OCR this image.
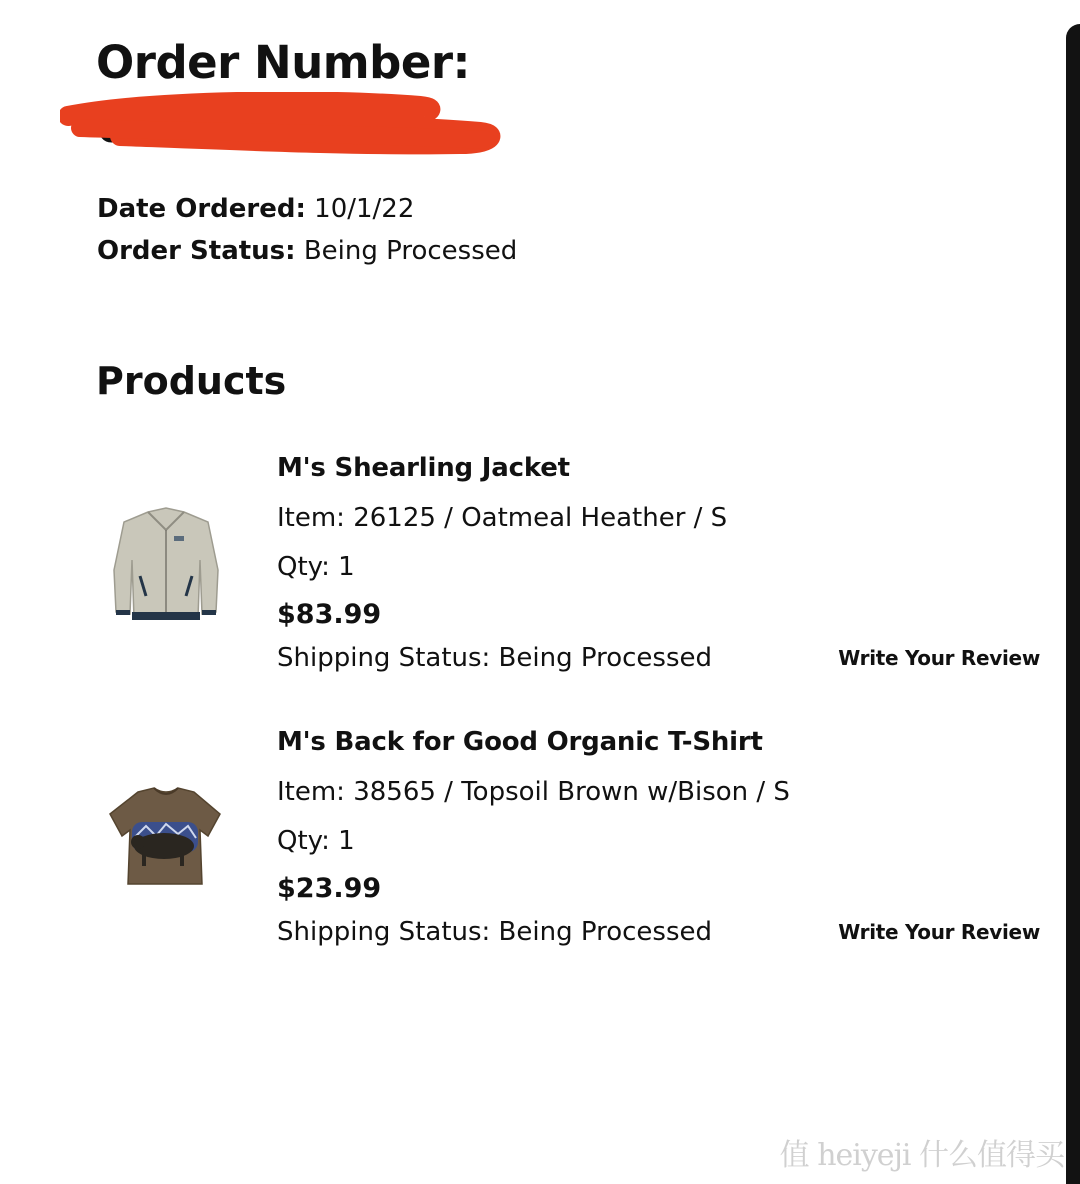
Order Number:
0516636
Date Ordered: 10/1/22
Order Status: Being Processed
Products
M's Shearling Jacket
Item: 26125 / Oatmeal Heather / S
Qty: 1
$83.99
Shipping Status: Being Processed	Write Your Review
M's Back for Good Organic T-Shirt
Item: 38565 / Topsoil Brown w/Bison / S
Qty: 1
$23.99
Shipping Status: Being Processed	Write Your Review
值 heiyeji 什么值得买
